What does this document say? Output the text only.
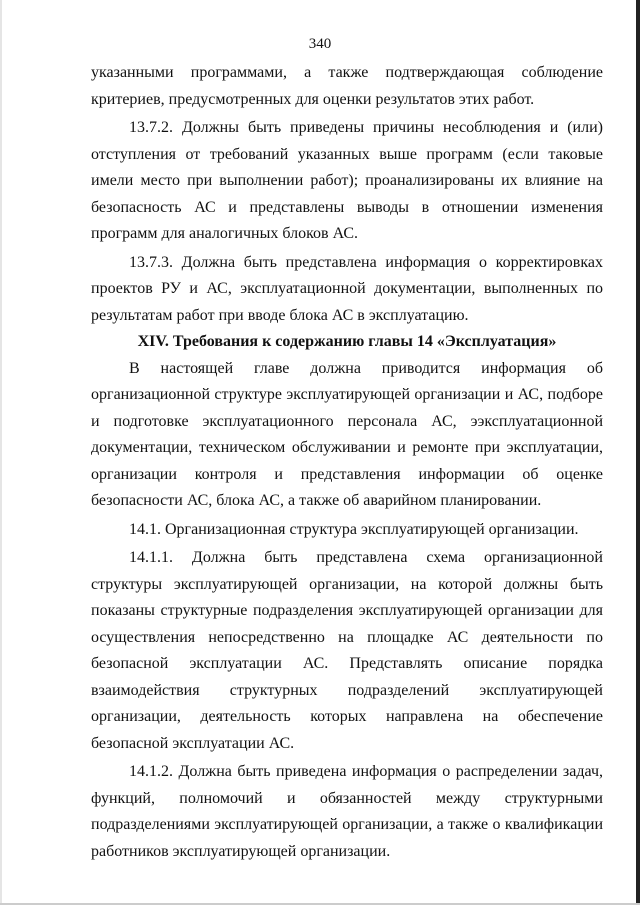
340

указанными программами, а также подтверждающая соблюдение критериев, предусмотренных для оценки результатов этих работ.

13.7.2. Должны быть приведены причины несоблюдения и (или) отступления от требований указанных выше программ (если таковые имели место при выполнении работ); проанализированы их влияние на безопасность АС и представлены выводы в отношении изменения программ для аналогичных блоков АС.

13.7.3. Должна быть представлена информация о корректировках проектов РУ и АС, эксплуатационной документации, выполненных по результатам работ при вводе блока АС в эксплуатацию.

XIV. Требования к содержанию главы 14 «Эксплуатация»

В настоящей главе должна приводится информация об организационной структуре эксплуатирующей организации и АС, подборе и подготовке эксплуатационного персонала АС, ээксплуатационной документации, техническом обслуживании и ремонте при эксплуатации, организации контроля и представления информации об оценке безопасности АС, блока АС, а также об аварийном планировании.

14.1. Организационная структура эксплуатирующей организации.

14.1.1. Должна быть представлена схема организационной структуры эксплуатирующей организации, на которой должны быть показаны структурные подразделения эксплуатирующей организации для осуществления непосредственно на площадке АС деятельности по безопасной эксплуатации АС. Представлять описание порядка взаимодействия структурных подразделений эксплуатирующей организации, деятельность которых направлена на обеспечение безопасной эксплуатации АС.

14.1.2. Должна быть приведена информация о распределении задач, функций, полномочий и обязанностей между структурными подразделениями эксплуатирующей организации, а также о квалификации работников эксплуатирующей организации.
